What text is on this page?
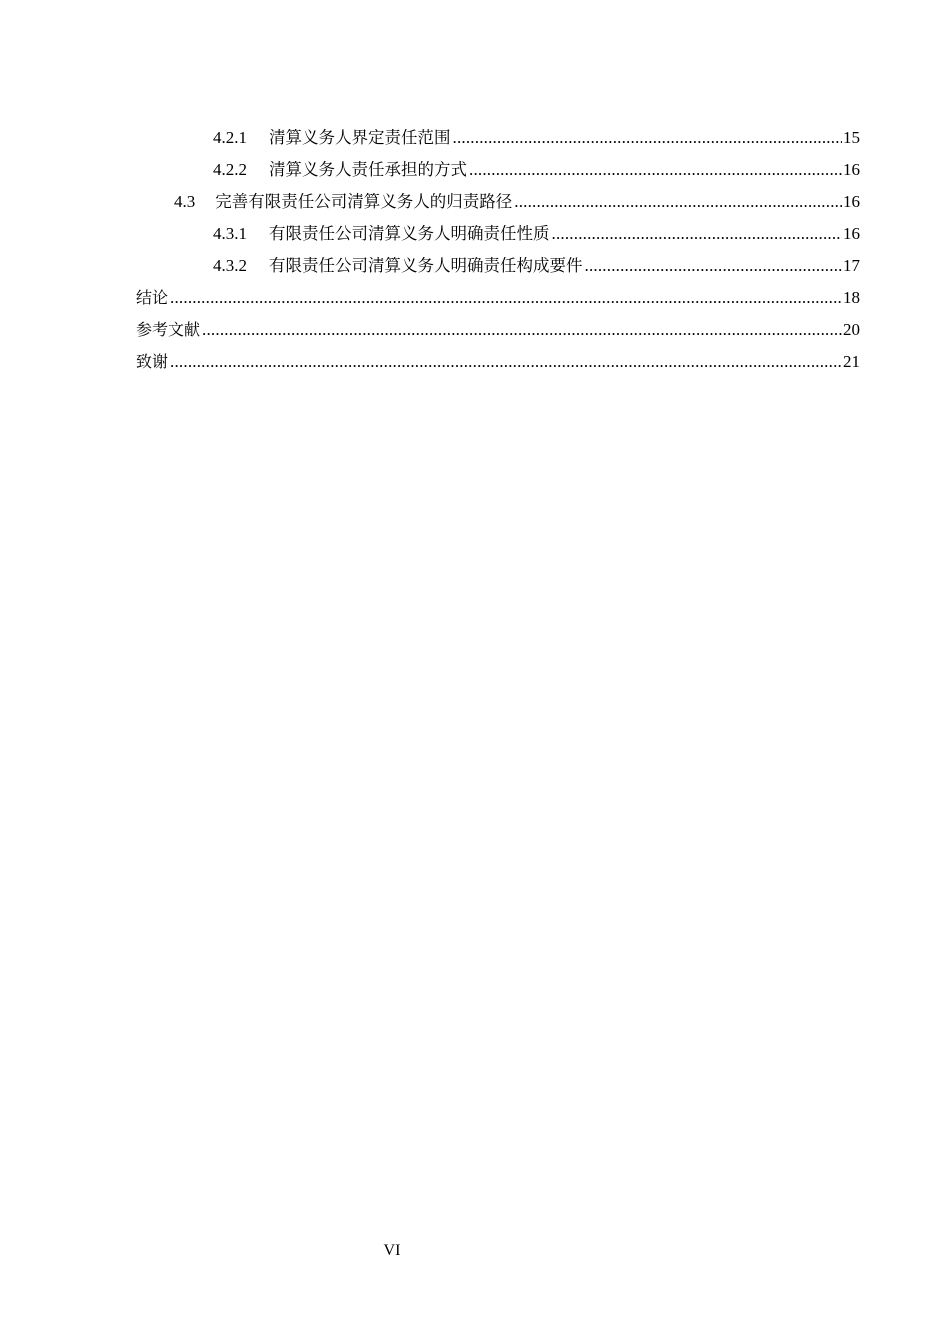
4.2.1 清算义务人界定责任范围 .....	15
4.2.2 清算义务人责任承担的方式 .....	16
4.3 完善有限责任公司清算义务人的归责路径 .....	16
4.3.1 有限责任公司清算义务人明确责任性质 .....	16
4.3.2 有限责任公司清算义务人明确责任构成要件 .....	17
结论 .....	18
参考文献 .....	20
致谢 .....	21
VI
